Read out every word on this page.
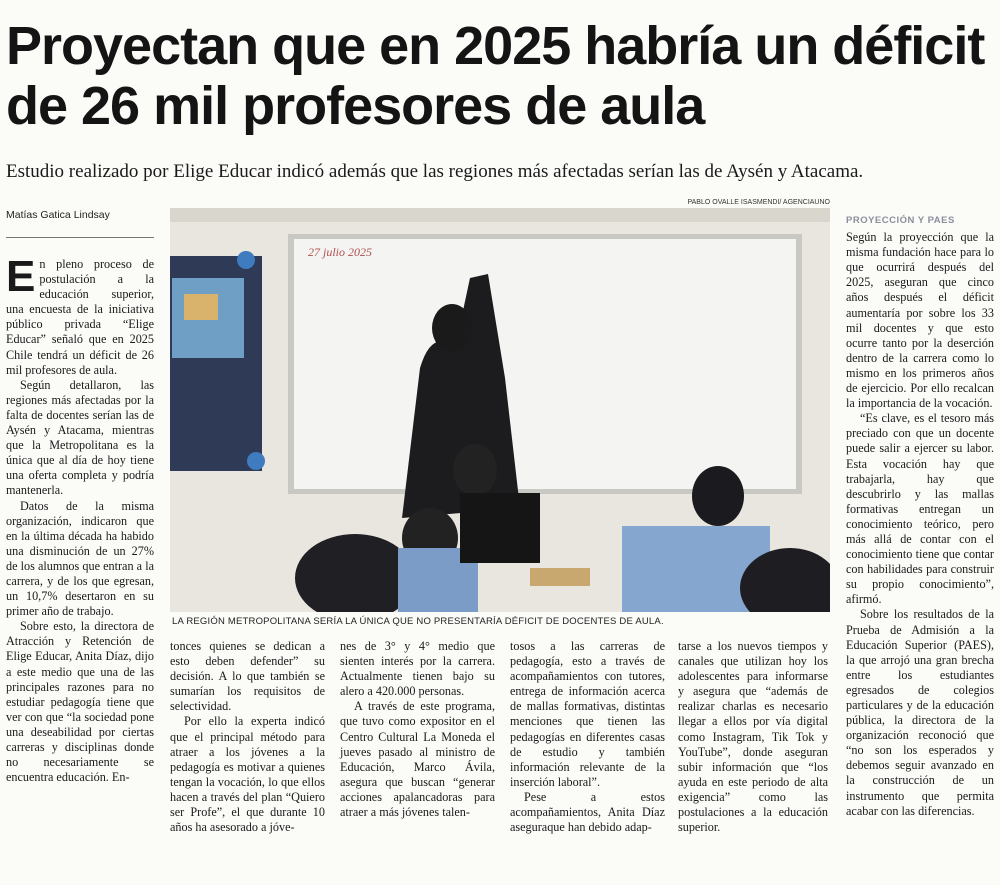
Proyectan que en 2025 habría un déficit de 26 mil profesores de aula

Estudio realizado por Elige Educar indicó además que las regiones más afectadas serían las de Aysén y Atacama.

Matías Gatica Lindsay
PABLO OVALLE ISASMENDI/ AGENCIAUNO
27 julio 2025
LA REGIÓN METROPOLITANA SERÍA LA ÚNICA QUE NO PRESENTARÍA DÉFICIT DE DOCENTES DE AULA.

En pleno proceso de postulación a la educación superior, una encuesta de la iniciativa público privada “Elige Educar” señaló que en 2025 Chile tendrá un déficit de 26 mil profesores de aula.

Según detallaron, las regiones más afectadas por la falta de docentes serían las de Aysén y Atacama, mientras que la Metropolitana es la única que al día de hoy tiene una oferta completa y podría mantenerla.

Datos de la misma organización, indicaron que en la última década ha habido una disminución de un 27% de los alumnos que entran a la carrera, y de los que egresan, un 10,7% desertaron en su primer año de trabajo.

Sobre esto, la directora de Atracción y Retención de Elige Educar, Anita Díaz, dijo a este medio que una de las principales razones para no estudiar pedagogía tiene que ver con que “la sociedad pone una deseabilidad por ciertas carreras y disciplinas donde no necesariamente se encuentra educación. En-

tonces quienes se dedican a esto deben defender” su decisión. A lo que también se sumarían los requisitos de selectividad.

Por ello la experta indicó que el principal método para atraer a los jóvenes a la pedagogía es motivar a quienes tengan la vocación, lo que ellos hacen a través del plan “Quiero ser Profe”, el que durante 10 años ha asesorado a jóve-

nes de 3° y 4° medio que sienten interés por la carrera. Actualmente tienen bajo su alero a 420.000 personas.

A través de este programa, que tuvo como expositor en el Centro Cultural La Moneda el jueves pasado al ministro de Educación, Marco Ávila, asegura que buscan “generar acciones apalancadoras para atraer a más jóvenes talen-

tosos a las carreras de pedagogía, esto a través de acompañamientos con tutores, entrega de información acerca de mallas formativas, distintas menciones que tienen las pedagogías en diferentes casas de estudio y también información relevante de la inserción laboral”.

Pese a estos acompañamientos, Anita Díaz aseguraque han debido adap-

tarse a los nuevos tiempos y canales que utilizan hoy los adolescentes para informarse y asegura que “además de realizar charlas es necesario llegar a ellos por vía digital como Instagram, Tik Tok y YouTube”, donde aseguran subir información que “los ayuda en este periodo de alta exigencia” como las postulaciones a la educación superior.

PROYECCIÓN Y PAES

Según la proyección que la misma fundación hace para lo que ocurrirá después del 2025, aseguran que cinco años después el déficit aumentaría por sobre los 33 mil docentes y que esto ocurre tanto por la deserción dentro de la carrera como lo mismo en los primeros años de ejercicio. Por ello recalcan la importancia de la vocación.

“Es clave, es el tesoro más preciado con que un docente puede salir a ejercer su labor. Esta vocación hay que trabajarla, hay que descubrirlo y las mallas formativas entregan un conocimiento teórico, pero más allá de contar con el conocimiento tiene que contar con habilidades para construir su propio conocimiento”, afirmó.

Sobre los resultados de la Prueba de Admisión a la Educación Superior (PAES), la que arrojó una gran brecha entre los estudiantes egresados de colegios particulares y de la educación pública, la directora de la organización reconoció que “no son los esperados y debemos seguir avanzado en la construcción de un instrumento que permita acabar con las diferencias.
